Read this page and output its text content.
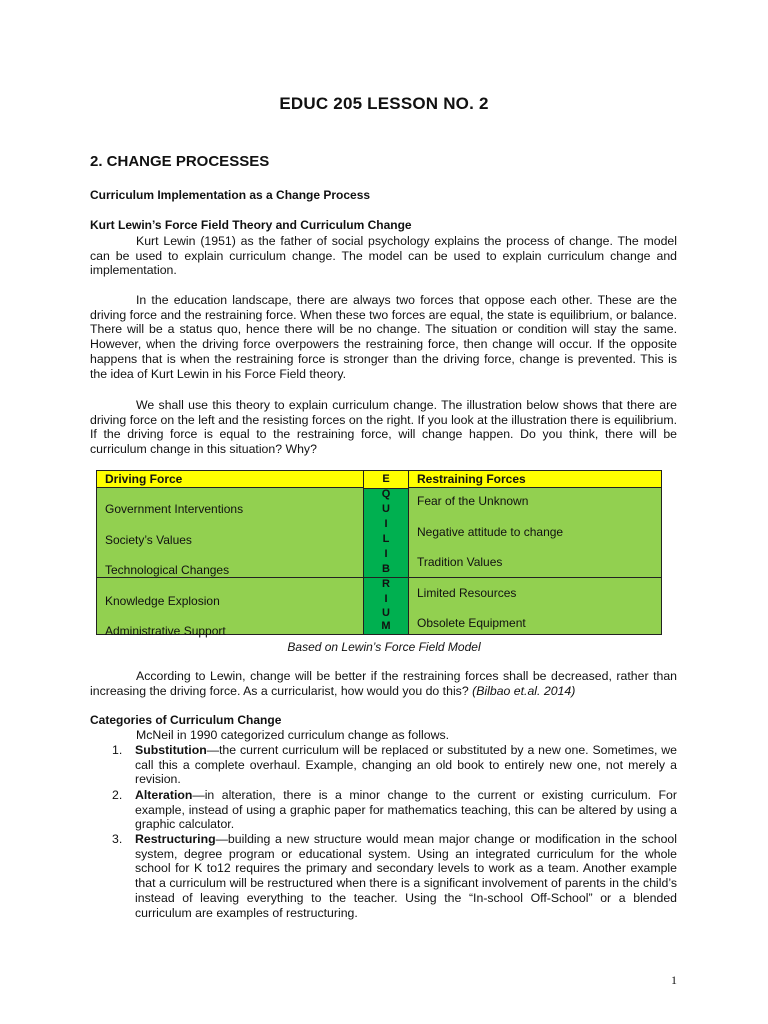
EDUC 205 LESSON NO. 2
2. CHANGE PROCESSES
Curriculum Implementation as a Change Process
Kurt Lewin’s Force Field Theory and Curriculum Change

Kurt Lewin (1951) as the father of social psychology explains the process of change. The model can be used to explain curriculum change. The model can be used to explain curriculum change and implementation.

In the education landscape, there are always two forces that oppose each other. These are the driving force and the restraining force. When these two forces are equal, the state is equilibrium, or balance. There will be a status quo, hence there will be no change. The situation or condition will stay the same. However, when the driving force overpowers the restraining force, then change will occur. If the opposite happens that is when the restraining force is stronger than the driving force, change is prevented. This is the idea of Kurt Lewin in his Force Field theory.

We shall use this theory to explain curriculum change. The illustration below shows that there are driving force on the left and the resisting forces on the right. If you look at the illustration there is equilibrium. If the driving force is equal to the restraining force, will change happen. Do you think, there will be curriculum change in this situation? Why?

Driving Force
Government Interventions
Society’s Values
Technological Changes
Knowledge Explosion
Administrative Support
E
Q
U
I
L
I
B
R
I
U
M
Restraining Forces
Fear of the Unknown
Negative attitude to change
Tradition Values
Limited Resources
Obsolete Equipment
Based on Lewin’s Force Field Model

According to Lewin, change will be better if the restraining forces shall be decreased, rather than increasing the driving force. As a curricularist, how would you do this? (Bilbao et.al. 2014)

Categories of Curriculum Change

McNeil in 1990 categorized curriculum change as follows.

1. Substitution—the current curriculum will be replaced or substituted by a new one. Sometimes, we call this a complete overhaul. Example, changing an old book to entirely new one, not merely a revision.
2. Alteration—in alteration, there is a minor change to the current or existing curriculum. For example, instead of using a graphic paper for mathematics teaching, this can be altered by using a graphic calculator.
3. Restructuring—building a new structure would mean major change or modification in the school system, degree program or educational system. Using an integrated curriculum for the whole school for K to12 requires the primary and secondary levels to work as a team. Another example that a curriculum will be restructured when there is a significant involvement of parents in the child’s instead of leaving everything to the teacher. Using the “In-school Off-School” or a blended curriculum are examples of restructuring.
1
